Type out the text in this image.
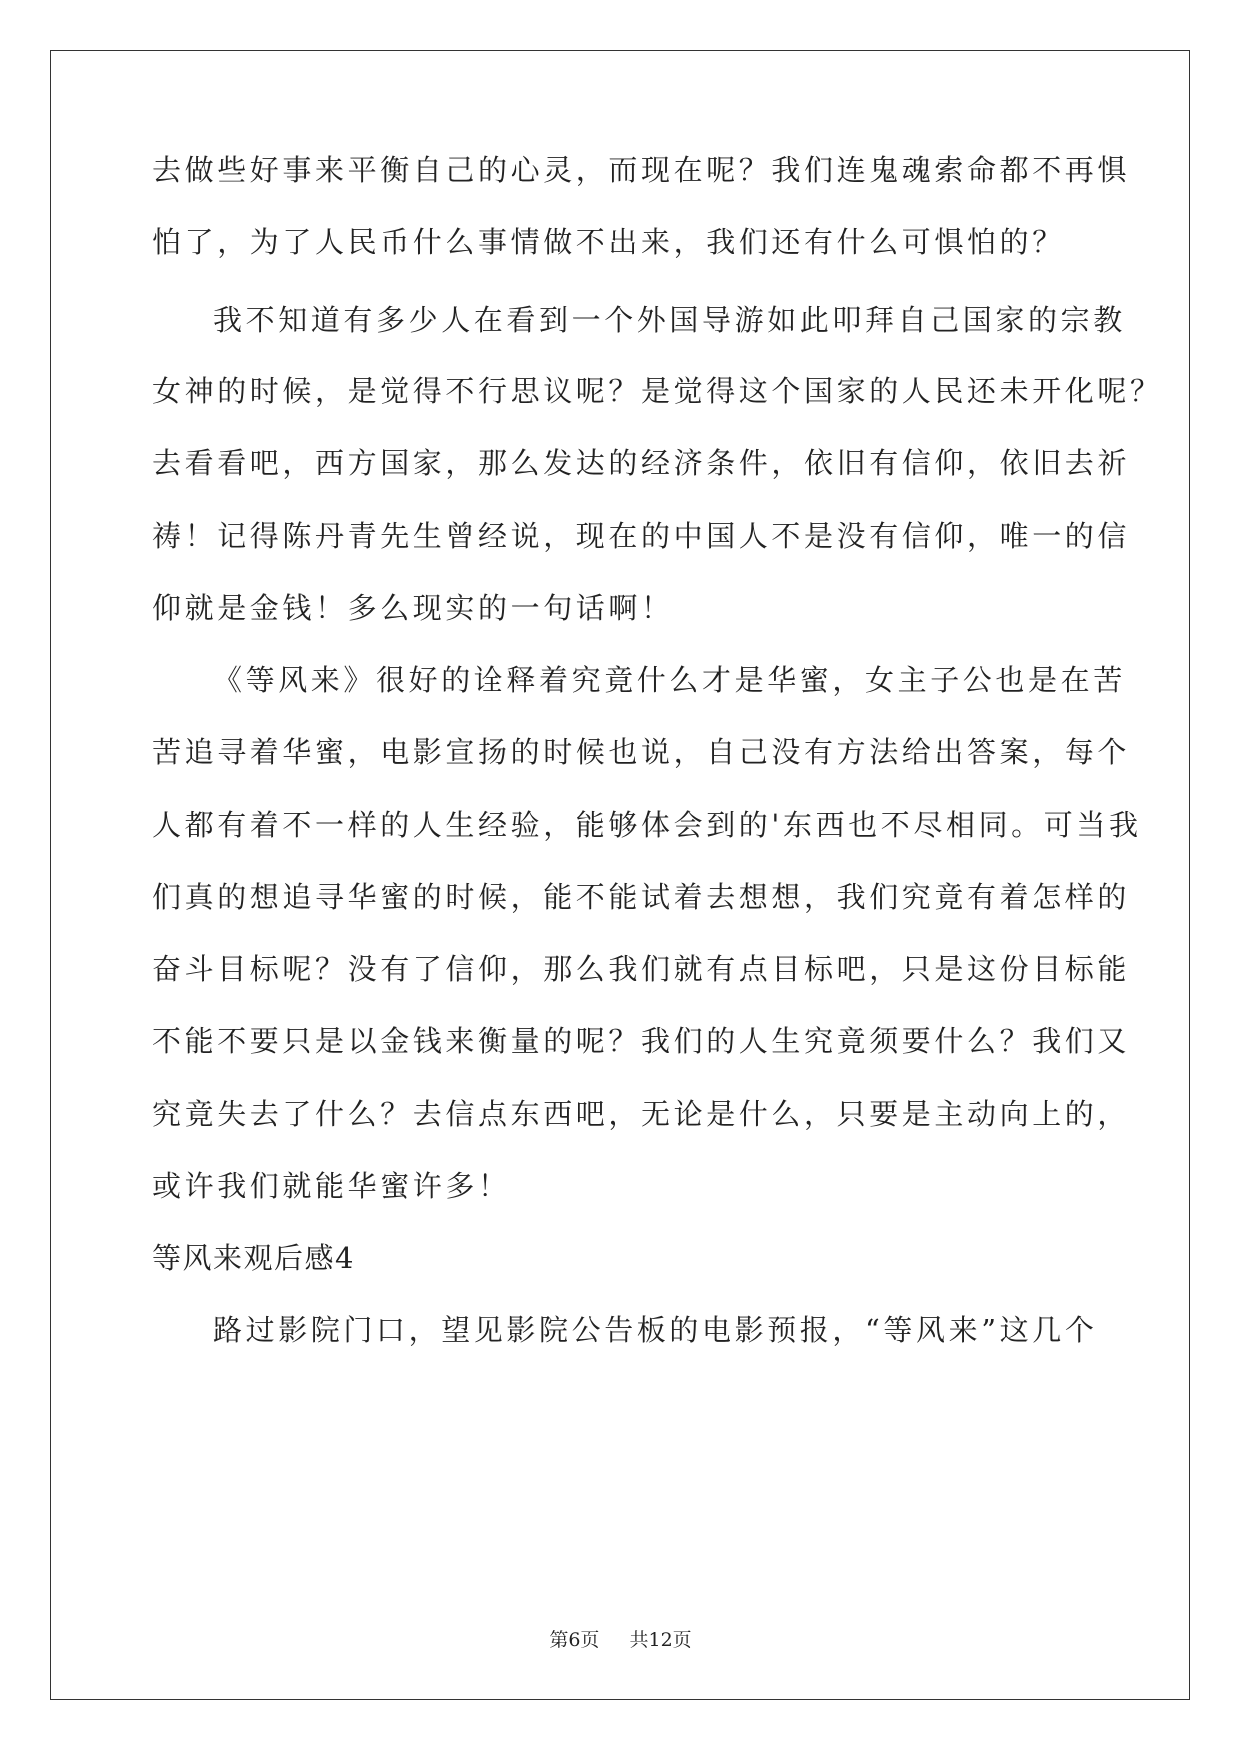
去做些好事来平衡自己的心灵，而现在呢？我们连鬼魂索命都不再惧
怕了，为了人民币什么事情做不出来，我们还有什么可惧怕的？
我不知道有多少人在看到一个外国导游如此叩拜自己国家的宗教
女神的时候，是觉得不行思议呢？是觉得这个国家的人民还未开化呢？
去看看吧，西方国家，那么发达的经济条件，依旧有信仰，依旧去祈
祷！记得陈丹青先生曾经说，现在的中国人不是没有信仰，唯一的信
仰就是金钱！多么现实的一句话啊！
《等风来》很好的诠释着究竟什么才是华蜜，女主子公也是在苦
苦追寻着华蜜，电影宣扬的时候也说，自己没有方法给出答案，每个
人都有着不一样的人生经验，能够体会到的'东西也不尽相同。可当我
们真的想追寻华蜜的时候，能不能试着去想想，我们究竟有着怎样的
奋斗目标呢？没有了信仰，那么我们就有点目标吧，只是这份目标能
不能不要只是以金钱来衡量的呢？我们的人生究竟须要什么？我们又
究竟失去了什么？去信点东西吧，无论是什么，只要是主动向上的，
或许我们就能华蜜许多！
等风来观后感4
路过影院门口，望见影院公告板的电影预报，“等风来”这几个
第6页 共12页
